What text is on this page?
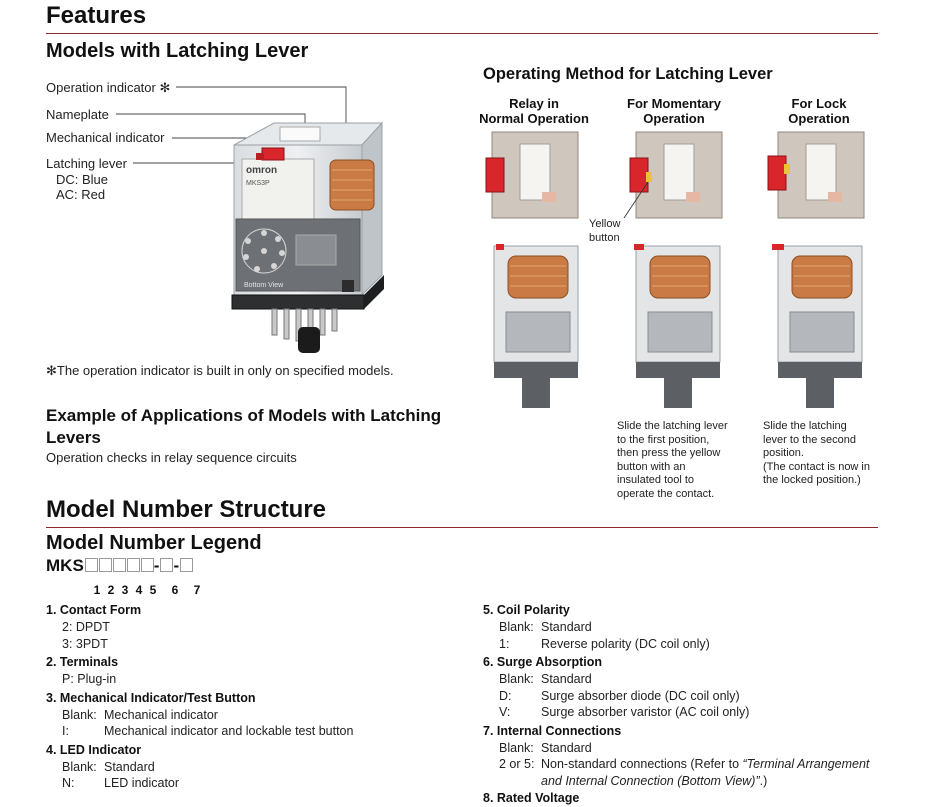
Features
Models with Latching Lever
Operation indicator ✻
Nameplate
Mechanical indicator
Latching lever
DC: Blue
AC: Red
omron
MKS3P
Bottom View
✻The operation indicator is built in only on specified models.
Example of Applications of Models with Latching
Levers
Operation checks in relay sequence circuits
Operating Method for Latching Lever
Relay in
Normal Operation
For Momentary
Operation
For Lock
Operation
Yellow
button
Slide the latching lever
to the first position,
then press the yellow
button with an
insulated tool to
operate the contact.
Slide the latching
lever to the second
position.
(The contact is now in
the locked position.)
Model Number Structure
Model Number Legend
MKS	- -
1 2 3 4 5 6 7
1. Contact Form
2: DPDT
3: 3PDT
2. Terminals
P: Plug-in
3. Mechanical Indicator/Test Button
Blank: Mechanical indicator
I:	Mechanical indicator and lockable test button
4. LED Indicator
Blank: Standard
N:	LED indicator
5. Coil Polarity
Blank: Standard
1:	Reverse polarity (DC coil only)
6. Surge Absorption
Blank: Standard
D:	Surge absorber diode (DC coil only)
V:	Surge absorber varistor (AC coil only)
7. Internal Connections
Blank: Standard
2 or 5: Non-standard connections (Refer to “Terminal Arrangement and Internal Connection (Bottom View)”.)
8. Rated Voltage
